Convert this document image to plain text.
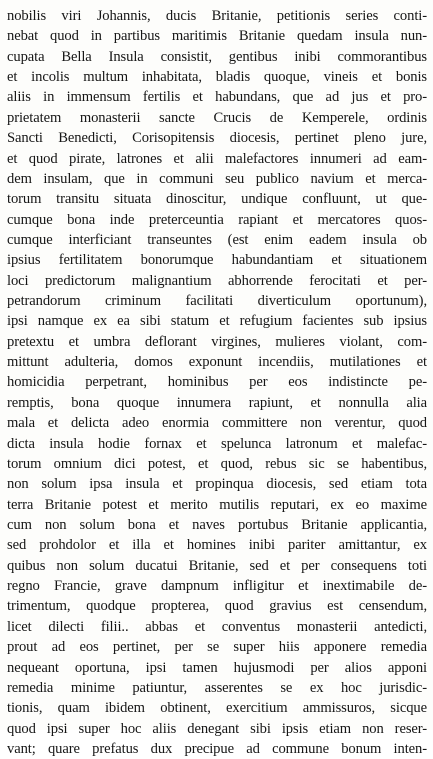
nobilis viri Johannis, ducis Britanie, petitionis series conti-
nebat quod in partibus maritimis Britanie quedam insula nun-
cupata Bella Insula consistit, gentibus inibi commorantibus
et incolis multum inhabitata, bladis quoque, vineis et bonis
aliis in immensum fertilis et habundans, que ad jus et pro-
prietatem monasterii sancte Crucis de Kemperele, ordinis
Sancti Benedicti, Corisopitensis diocesis, pertinet pleno jure,
et quod pirate, latrones et alii malefactores innumeri ad eam-
dem insulam, que in communi seu publico navium et merca-
torum transitu situata dinoscitur, undique confluunt, ut que-
cumque bona inde preterceuntia rapiant et mercatores quos-
cumque interficiant transeuntes (est enim eadem insula ob
ipsius fertilitatem bonorumque habundantiam et situationem
loci predictorum malignantium abhorrende ferocitati et per-
petrandorum criminum facilitati diverticulum oportunum),
ipsi namque ex ea sibi statum et refugium facientes sub ipsius
pretextu et umbra deflorant virgines, mulieres violant, com-
mittunt adulteria, domos exponunt incendiis, mutilationes et
homicidia perpetrant, hominibus per eos indistincte pe-
remptis, bona quoque innumera rapiunt, et nonnulla alia
mala et delicta adeo enormia committere non verentur, quod
dicta insula hodie fornax et spelunca latronum et malefac-
torum omnium dici potest, et quod, rebus sic se habentibus,
non solum ipsa insula et propinqua diocesis, sed etiam tota
terra Britanie potest et merito mutilis reputari, ex eo maxime
cum non solum bona et naves portubus Britanie applicantia,
sed prohdolor et illa et homines inibi pariter amittantur, ex
quibus non solum ducatui Britanie, sed et per consequens toti
regno Francie, grave dampnum infligitur et inextimabile de-
trimentum, quodque propterea, quod gravius est censendum,
licet dilecti filii.. abbas et conventus monasterii antedicti,
prout ad eos pertinet, per se super hiis apponere remedia
nequeant oportuna, ipsi tamen hujusmodi per alios apponi
remedia minime patiuntur, asserentes se ex hoc jurisdic-
tionis, quam ibidem obtinent, exercitium ammissuros, sicque
quod ipsi super hoc aliis denegant sibi ipsis etiam non reser-
vant; quare prefatus dux precipue ad commune bonum inten-
